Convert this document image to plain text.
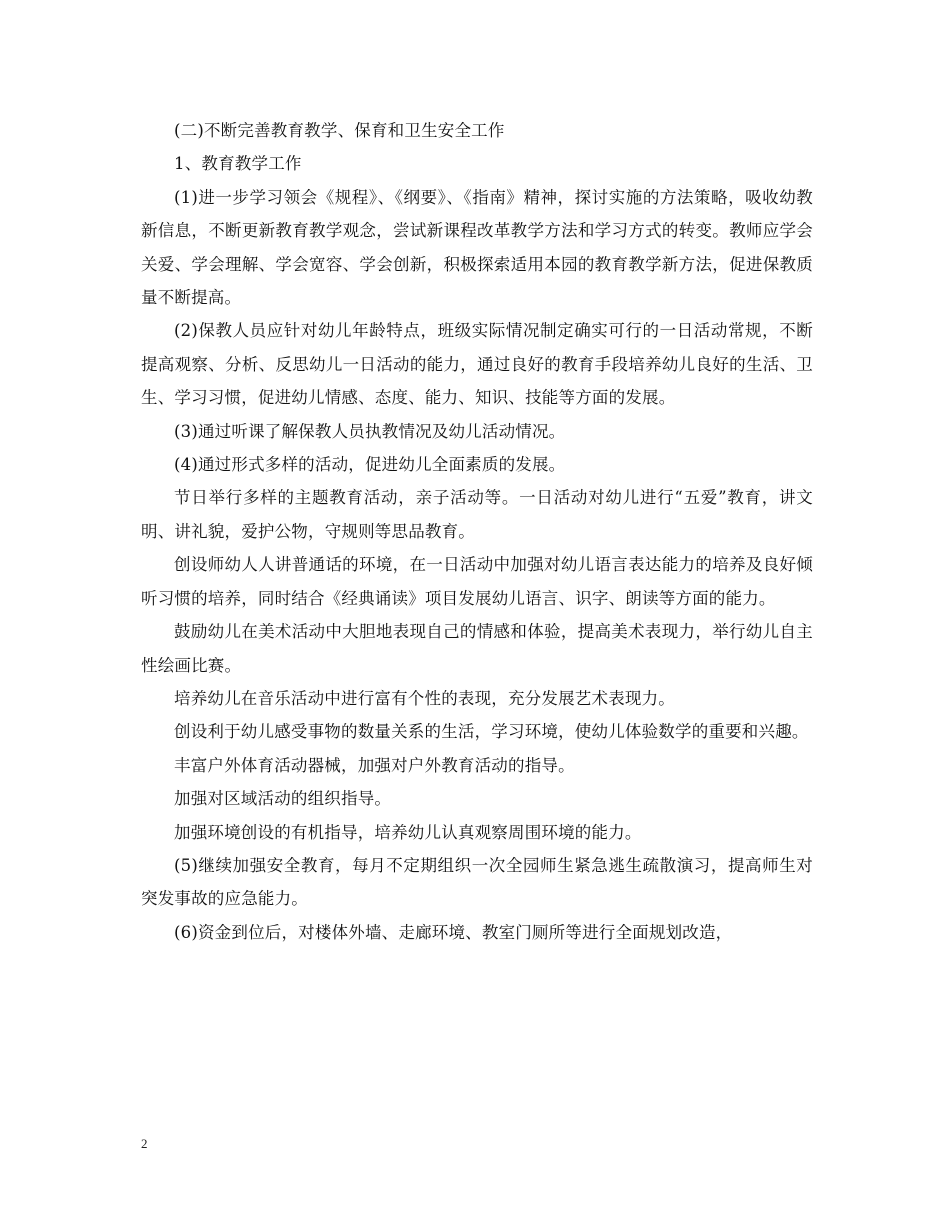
(二)不断完善教育教学、保育和卫生安全工作

1、教育教学工作

(1)进一步学习领会《规程》、《纲要》、《指南》精神，探讨实施的方法策略，吸收幼教新信息，不断更新教育教学观念，尝试新课程改革教学方法和学习方式的转变。教师应学会关爱、学会理解、学会宽容、学会创新，积极探索适用本园的教育教学新方法，促进保教质量不断提高。

(2)保教人员应针对幼儿年龄特点，班级实际情况制定确实可行的一日活动常规，不断提高观察、分析、反思幼儿一日活动的能力，通过良好的教育手段培养幼儿良好的生活、卫生、学习习惯，促进幼儿情感、态度、能力、知识、技能等方面的发展。

(3)通过听课了解保教人员执教情况及幼儿活动情况。

(4)通过形式多样的活动，促进幼儿全面素质的发展。

节日举行多样的主题教育活动，亲子活动等。一日活动对幼儿进行“五爱”教育，讲文明、讲礼貌，爱护公物，守规则等思品教育。

创设师幼人人讲普通话的环境，在一日活动中加强对幼儿语言表达能力的培养及良好倾听习惯的培养，同时结合《经典诵读》项目发展幼儿语言、识字、朗读等方面的能力。

鼓励幼儿在美术活动中大胆地表现自己的情感和体验，提高美术表现力，举行幼儿自主性绘画比赛。

培养幼儿在音乐活动中进行富有个性的表现，充分发展艺术表现力。

创设利于幼儿感受事物的数量关系的生活，学习环境，使幼儿体验数学的重要和兴趣。

丰富户外体育活动器械，加强对户外教育活动的指导。

加强对区域活动的组织指导。

加强环境创设的有机指导，培养幼儿认真观察周围环境的能力。

(5)继续加强安全教育，每月不定期组织一次全园师生紧急逃生疏散演习，提高师生对突发事故的应急能力。

(6)资金到位后，对楼体外墙、走廊环境、教室门厕所等进行全面规划改造，

2
